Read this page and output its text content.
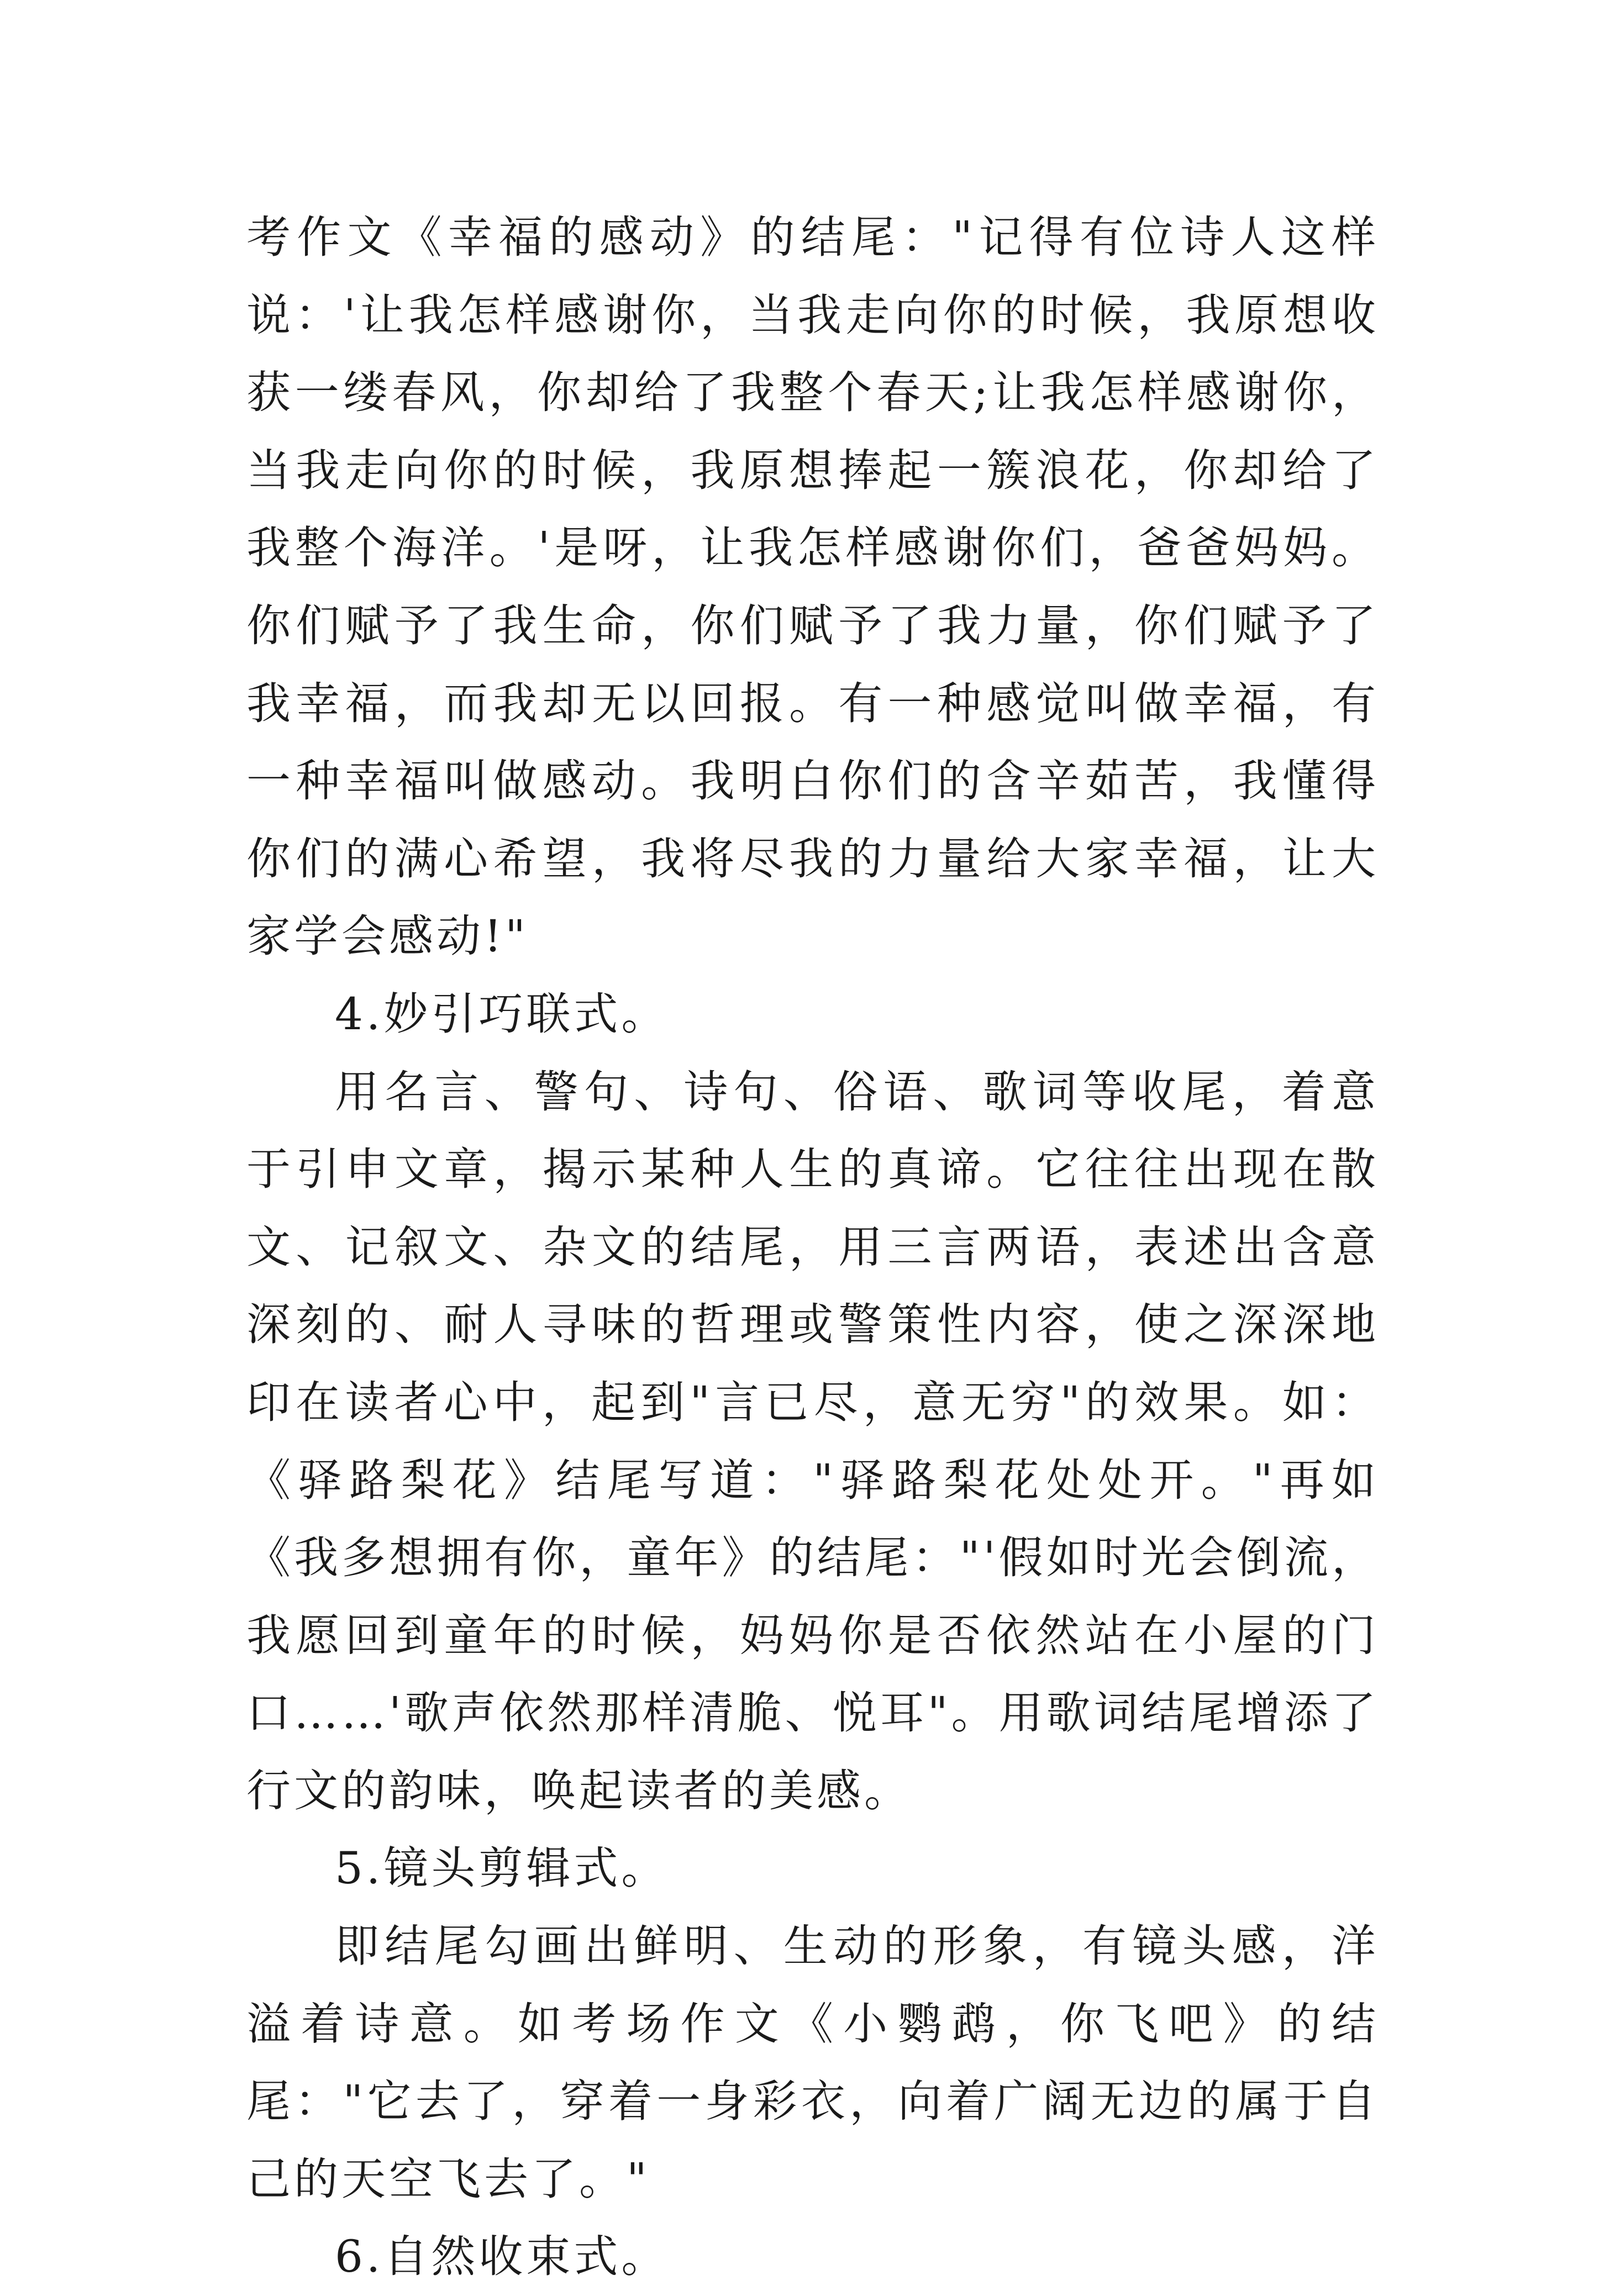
考作文《幸福的感动》的结尾："记得有位诗人这样说：'让我怎样感谢你，当我走向你的时候，我原想收获一缕春风，你却给了我整个春天;让我怎样感谢你，当我走向你的时候，我原想捧起一簇浪花，你却给了我整个海洋。'是呀，让我怎样感谢你们，爸爸妈妈。你们赋予了我生命，你们赋予了我力量，你们赋予了我幸福，而我却无以回报。有一种感觉叫做幸福，有一种幸福叫做感动。我明白你们的含辛茹苦，我懂得你们的满心希望，我将尽我的力量给大家幸福，让大家学会感动!"

4.妙引巧联式。

用名言、警句、诗句、俗语、歌词等收尾，着意于引申文章，揭示某种人生的真谛。它往往出现在散文、记叙文、杂文的结尾，用三言两语，表述出含意深刻的、耐人寻味的哲理或警策性内容，使之深深地印在读者心中，起到"言已尽，意无穷"的效果。如：《驿路梨花》结尾写道："驿路梨花处处开。"再如《我多想拥有你，童年》的结尾："'假如时光会倒流，我愿回到童年的时候，妈妈你是否依然站在小屋的门口……'歌声依然那样清脆、悦耳"。用歌词结尾增添了行文的韵味，唤起读者的美感。

5.镜头剪辑式。

即结尾勾画出鲜明、生动的形象，有镜头感，洋溢着诗意。如考场作文《小鹦鹉，你飞吧》的结尾："它去了，穿着一身彩衣，向着广阔无边的属于自己的天空飞去了。"

6.自然收束式。
